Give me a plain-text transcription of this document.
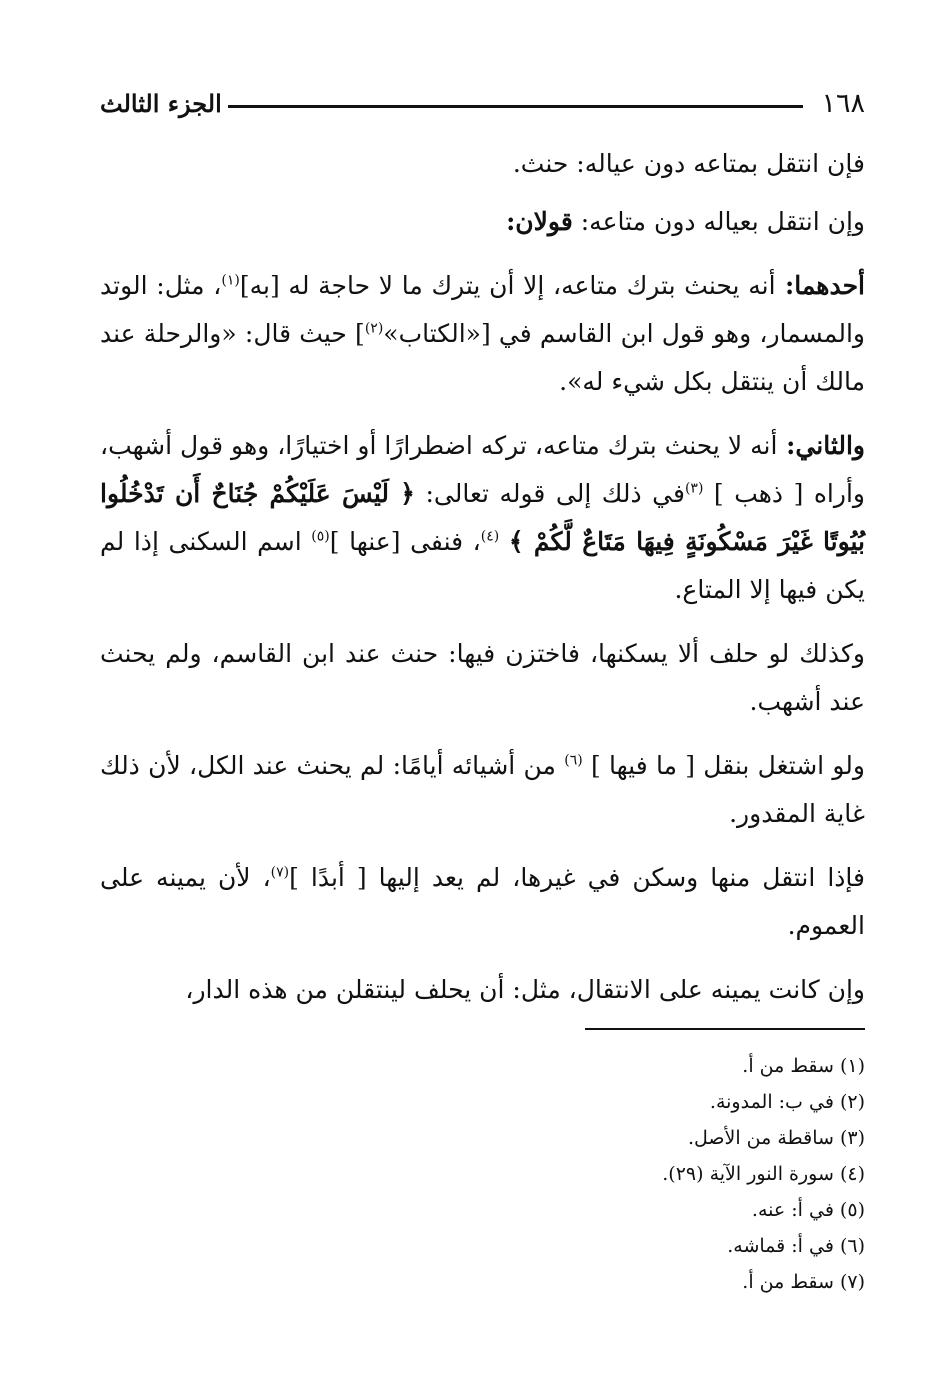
١٦٨
الجزء الثالث

فإن انتقل بمتاعه دون عياله: حنث.

وإن انتقل بعياله دون متاعه: قولان:

أحدهما: أنه يحنث بترك متاعه، إلا أن يترك ما لا حاجة له [به]$^{(١)}$، مثل: الوتد والمسمار، وهو قول ابن القاسم في [«الكتاب»$^{(٢)}$] حيث قال: «والرحلة عند مالك أن ينتقل بكل شيء له».

والثاني: أنه لا يحنث بترك متاعه، تركه اضطرارًا أو اختيارًا، وهو قول أشهب، وأراه [ ذهب ] $^{(٣)}$في ذلك إلى قوله تعالى: ﴿ لَيْسَ عَلَيْكُمْ جُنَاحٌ أَن تَدْخُلُوا بُيُوتًا غَيْرَ مَسْكُونَةٍ فِيهَا مَتَاعٌ لَّكُمْ ﴾ $^{(٤)}$، فنفى [عنها ]$^{(٥)}$ اسم السكنى إذا لم يكن فيها إلا المتاع.

وكذلك لو حلف ألا يسكنها، فاختزن فيها: حنث عند ابن القاسم، ولم يحنث عند أشهب.

ولو اشتغل بنقل [ ما فيها ] $^{(٦)}$ من أشيائه أيامًا: لم يحنث عند الكل، لأن ذلك غاية المقدور.

فإذا انتقل منها وسكن في غيرها، لم يعد إليها [ أبدًا ]$^{(٧)}$، لأن يمينه على العموم.

وإن كانت يمينه على الانتقال، مثل: أن يحلف لينتقلن من هذه الدار،

(١) سقط من أ.
(٢) في ب: المدونة.
(٣) ساقطة من الأصل.
(٤) سورة النور الآية (٢٩).
(٥) في أ: عنه.
(٦) في أ: قماشه.
(٧) سقط من أ.
